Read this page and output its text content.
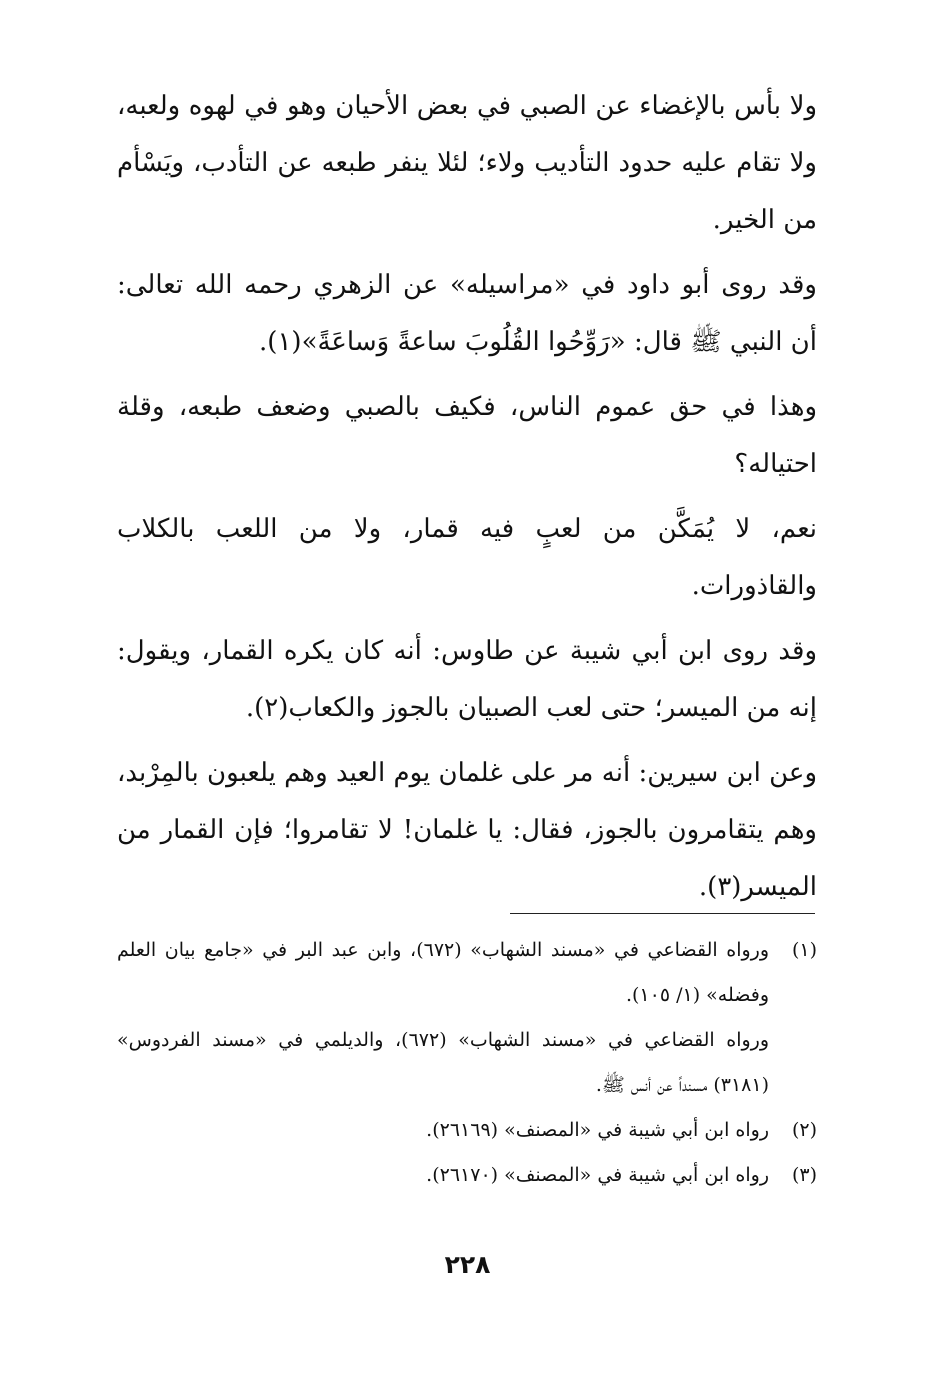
ولا بأس بالإغضاء عن الصبي في بعض الأحيان وهو في لهوه ولعبه، ولا تقام عليه حدود التأديب ولاء؛ لئلا ينفر طبعه عن التأدب، ويَسْأم من الخير.

وقد روى أبو داود في «مراسيله» عن الزهري رحمه الله تعالى: أن النبي ﷺ قال: «رَوِّحُوا القُلُوبَ ساعةً وَساعَةً»(١).

وهذا في حق عموم الناس، فكيف بالصبي وضعف طبعه، وقلة احتياله؟

نعم، لا يُمَكَّن من لعبٍ فيه قمار، ولا من اللعب بالكلاب والقاذورات.

وقد روى ابن أبي شيبة عن طاوس: أنه كان يكره القمار، ويقول: إنه من الميسر؛ حتى لعب الصبيان بالجوز والكعاب(٢).

وعن ابن سيرين: أنه مر على غلمان يوم العيد وهم يلعبون بالمِرْبد، وهم يتقامرون بالجوز، فقال: يا غلمان! لا تقامروا؛ فإن القمار من الميسر(٣).

(١)
ورواه القضاعي في «مسند الشهاب» (٦٧٢)، وابن عبد البر في «جامع بيان العلم وفضله» (١/ ١٠٥).

ورواه القضاعي في «مسند الشهاب» (٦٧٢)، والديلمي في «مسند الفردوس» (٣١٨١) مسنداً عن أنس ﷺ.

(٢)
رواه ابن أبي شيبة في «المصنف» (٢٦١٦٩).
(٣)
رواه ابن أبي شيبة في «المصنف» (٢٦١٧٠).
٢٢٨
